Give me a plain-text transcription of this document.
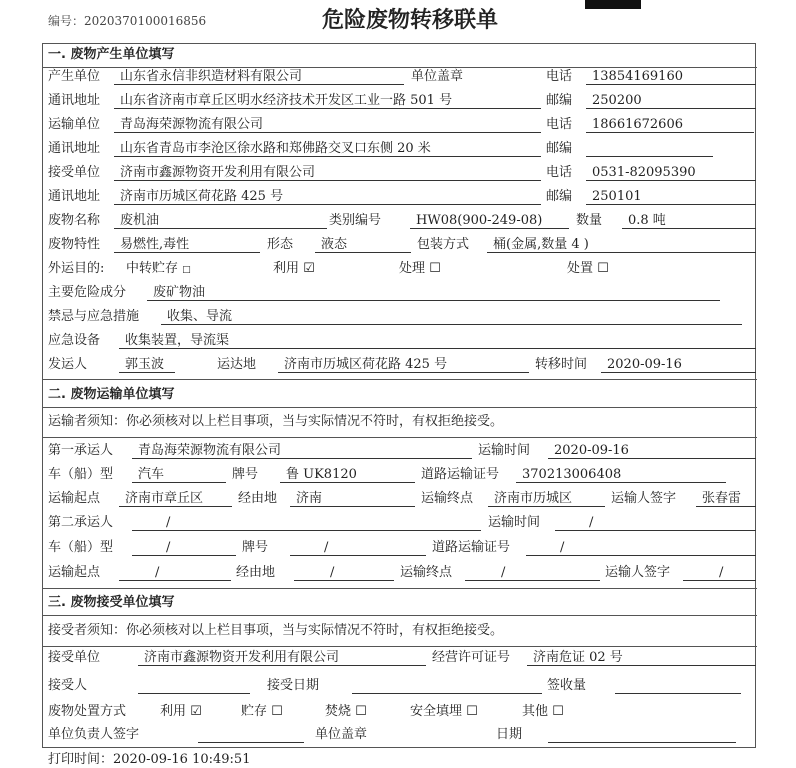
编号：2020370100016856	危险废物转移联单
一. 废物产生单位填写
产生单位	山东省永信非织造材料有限公司	单位盖章	电话	13854169160
通讯地址	山东省济南市章丘区明水经济技术开发区工业一路 501 号	邮编	250200
运输单位	青岛海荣源物流有限公司	电话	18661672606
通讯地址	山东省青岛市李沧区徐水路和郑佛路交叉口东侧 20 米	邮编
接受单位	济南市鑫源物资开发利用有限公司	电话	0531-82095390
通讯地址	济南市历城区荷花路 425 号	邮编	250101
废物名称	废机油	类别编号	HW08(900-249-08)	数量	0.8 吨
废物特性	易燃性,毒性	形态	液态	包装方式	桶(金属,数量 4 )
外运目的: 中转贮存 □	利用 ☑	处理 ☐	处置 ☐
主要危险成分	废矿物油
禁忌与应急措施	收集、导流
应急设备	收集装置，导流渠
发运人	郭玉波	运达地	济南市历城区荷花路 425 号	转移时间	2020-09-16
二. 废物运输单位填写
运输者须知：你必须核对以上栏目事项，当与实际情况不符时，有权拒绝接受。
第一承运人	青岛海荣源物流有限公司	运输时间	2020-09-16
车（船）型	汽车	牌号	鲁 UK8120	道路运输证号	370213006408
运输起点	济南市章丘区	经由地	济南	运输终点	济南市历城区	运输人签字	张春雷
第二承运人	/	运输时间	/
车（船）型	/	牌号	/	道路运输证号	/
运输起点	/	经由地	/	运输终点	/	运输人签字	/
三. 废物接受单位填写
接受者须知：你必须核对以上栏目事项，当与实际情况不符时，有权拒绝接受。
接受单位	济南市鑫源物资开发利用有限公司	经营许可证号	济南危证 02 号
接受人	接受日期	签收量
废物处置方式	利用 ☑	贮存 ☐	焚烧 ☐	安全填埋 ☐	其他 ☐
单位负责人签字	单位盖章	日期
打印时间：2020-09-16 10:49:51
